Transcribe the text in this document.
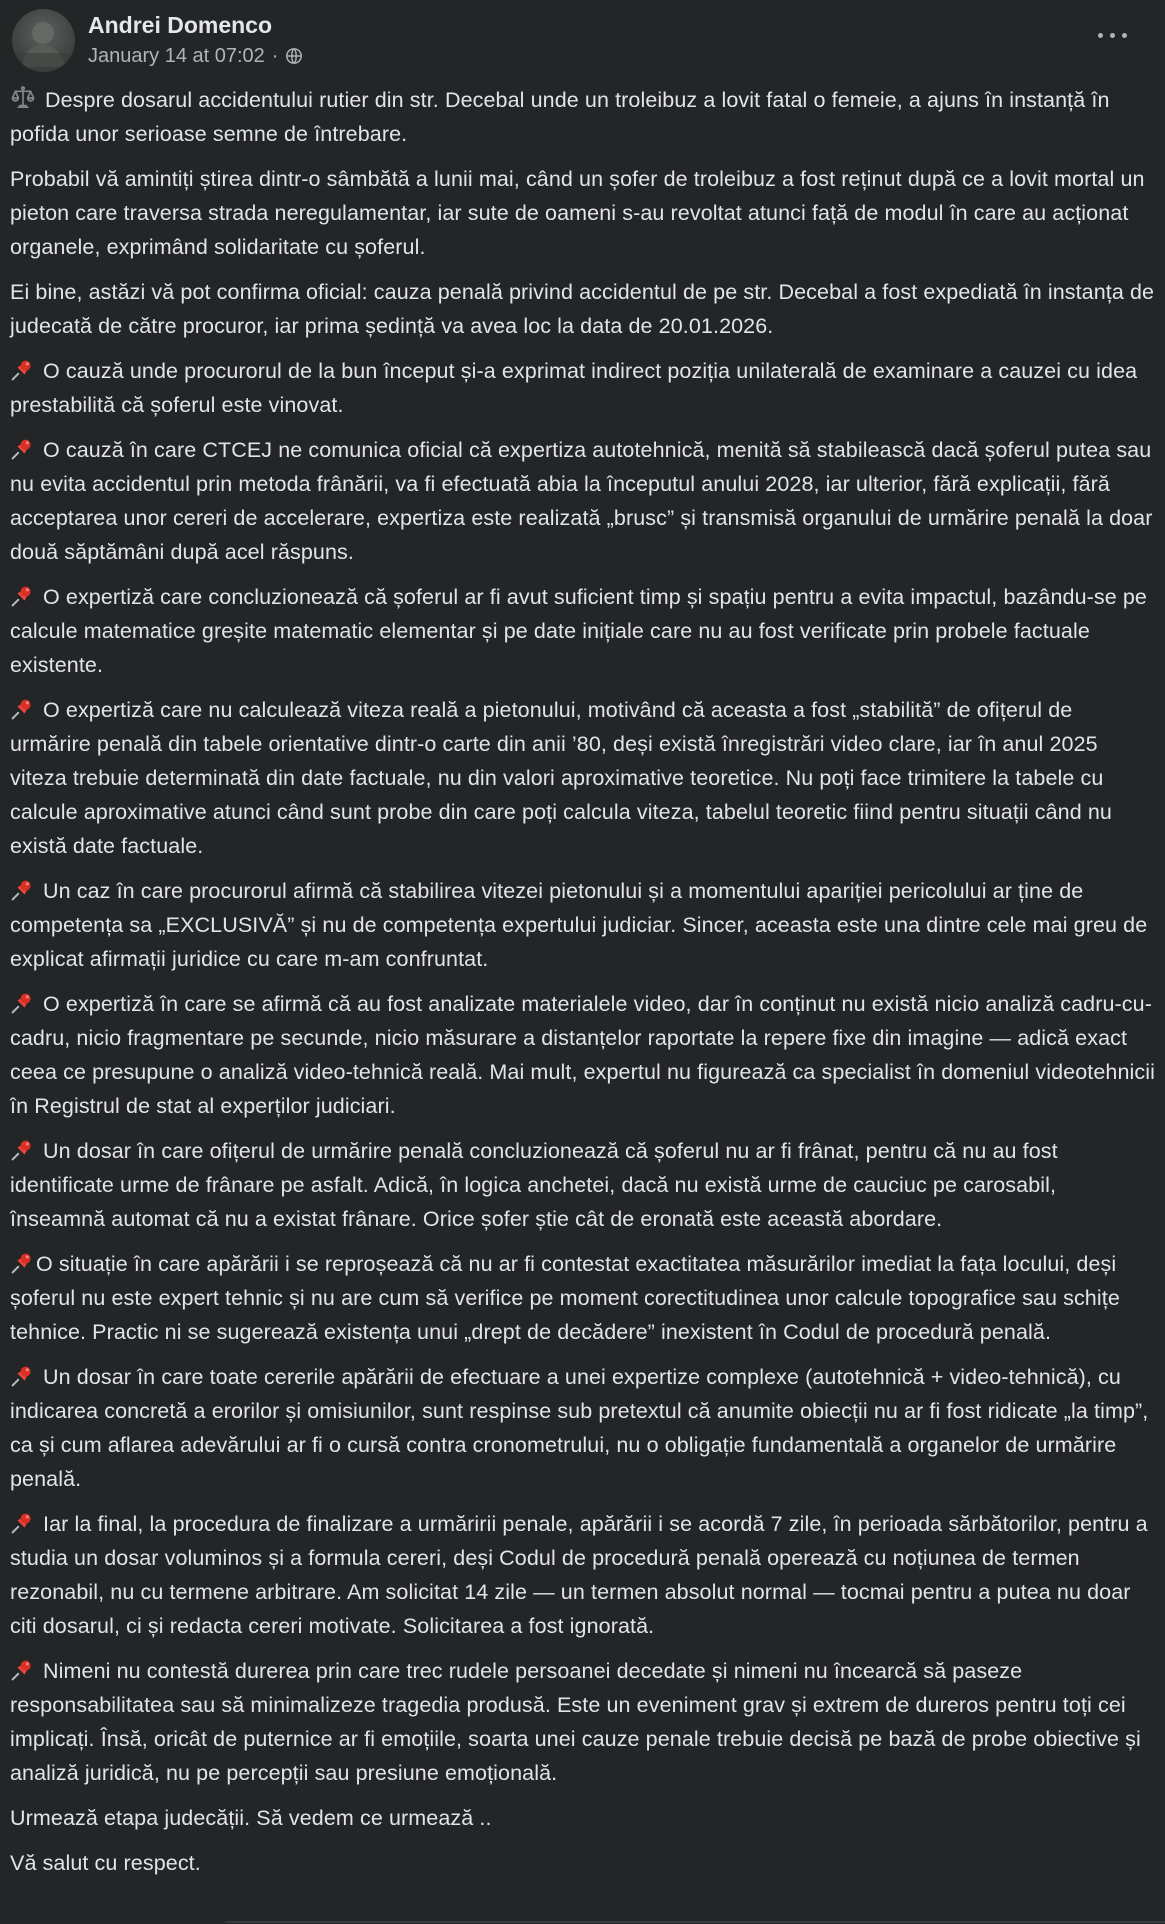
Andrei Domenco
January 14 at 07:02 ·

Despre dosarul accidentului rutier din str. Decebal unde un troleibuz a lovit fatal o femeie, a ajuns în instanță în pofida unor serioase semne de întrebare.

Probabil vă amintiți știrea dintr-o sâmbătă a lunii mai, când un șofer de troleibuz a fost reținut după ce a lovit mortal un pieton care traversa strada neregulamentar, iar sute de oameni s-au revoltat atunci față de modul în care au acționat organele, exprimând solidaritate cu șoferul.

Ei bine, astăzi vă pot confirma oficial: cauza penală privind accidentul de pe str. Decebal a fost expediată în instanța de judecată de către procuror, iar prima ședință va avea loc la data de 20.01.2026.

O cauză unde procurorul de la bun început și-a exprimat indirect poziția unilaterală de examinare a cauzei cu idea prestabilită că șoferul este vinovat.

O cauză în care CTCEJ ne comunica oficial că expertiza autotehnică, menită să stabilească dacă șoferul putea sau nu evita accidentul prin metoda frânării, va fi efectuată abia la începutul anului 2028, iar ulterior, fără explicații, fără acceptarea unor cereri de accelerare, expertiza este realizată „brusc” și transmisă organului de urmărire penală la doar două săptămâni după acel răspuns.

O expertiză care concluzionează că șoferul ar fi avut suficient timp și spațiu pentru a evita impactul, bazându-se pe calcule matematice greșite matematic elementar și pe date inițiale care nu au fost verificate prin probele factuale existente.

O expertiză care nu calculează viteza reală a pietonului, motivând că aceasta a fost „stabilită” de ofițerul de urmărire penală din tabele orientative dintr-o carte din anii ’80, deși există înregistrări video clare, iar în anul 2025 viteza trebuie determinată din date factuale, nu din valori aproximative teoretice. Nu poți face trimitere la tabele cu calcule aproximative atunci când sunt probe din care poți calcula viteza, tabelul teoretic fiind pentru situații când nu există date factuale.

Un caz în care procurorul afirmă că stabilirea vitezei pietonului și a momentului apariției pericolului ar ține de competența sa „EXCLUSIVĂ” și nu de competența expertului judiciar. Sincer, aceasta este una dintre cele mai greu de explicat afirmații juridice cu care m-am confruntat.

O expertiză în care se afirmă că au fost analizate materialele video, dar în conținut nu există nicio analiză cadru-cu-cadru, nicio fragmentare pe secunde, nicio măsurare a distanțelor raportate la repere fixe din imagine — adică exact ceea ce presupune o analiză video-tehnică reală. Mai mult, expertul nu figurează ca specialist în domeniul videotehnicii în Registrul de stat al experților judiciari.

Un dosar în care ofițerul de urmărire penală concluzionează că șoferul nu ar fi frânat, pentru că nu au fost identificate urme de frânare pe asfalt. Adică, în logica anchetei, dacă nu există urme de cauciuc pe carosabil, înseamnă automat că nu a existat frânare. Orice șofer știe cât de eronată este această abordare.

O situație în care apărării i se reproșează că nu ar fi contestat exactitatea măsurărilor imediat la fața locului, deși șoferul nu este expert tehnic și nu are cum să verifice pe moment corectitudinea unor calcule topografice sau schițe tehnice. Practic ni se sugerează existența unui „drept de decădere” inexistent în Codul de procedură penală.

Un dosar în care toate cererile apărării de efectuare a unei expertize complexe (autotehnică + video-tehnică), cu indicarea concretă a erorilor și omisiunilor, sunt respinse sub pretextul că anumite obiecții nu ar fi fost ridicate „la timp”, ca și cum aflarea adevărului ar fi o cursă contra cronometrului, nu o obligație fundamentală a organelor de urmărire penală.

Iar la final, la procedura de finalizare a urmăririi penale, apărării i se acordă 7 zile, în perioada sărbătorilor, pentru a studia un dosar voluminos și a formula cereri, deși Codul de procedură penală operează cu noțiunea de termen rezonabil, nu cu termene arbitrare. Am solicitat 14 zile — un termen absolut normal — tocmai pentru a putea nu doar citi dosarul, ci și redacta cereri motivate. Solicitarea a fost ignorată.

Nimeni nu contestă durerea prin care trec rudele persoanei decedate și nimeni nu încearcă să paseze responsabilitatea sau să minimalizeze tragedia produsă. Este un eveniment grav și extrem de dureros pentru toți cei implicați. Însă, oricât de puternice ar fi emoțiile, soarta unei cauze penale trebuie decisă pe bază de probe obiective și analiză juridică, nu pe percepții sau presiune emoțională.

Urmează etapa judecății. Să vedem ce urmează ..

Vă salut cu respect.
